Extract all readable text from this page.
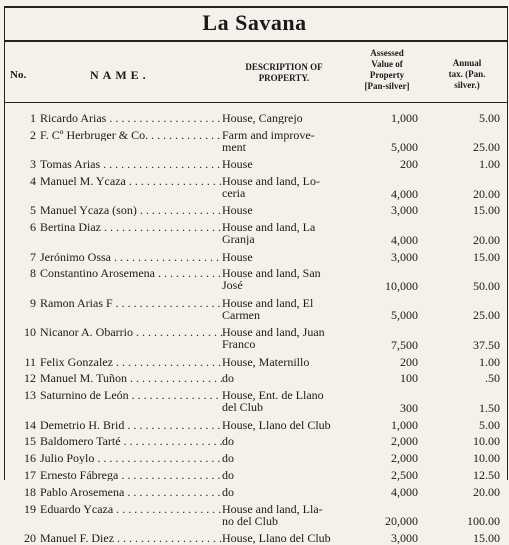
La Savana
No.	NAME.
DESCRIPTION OF
PROPERTY.
Assessed
Value of
Property
[Pan-silver]
Annual
tax. (Pan.
silver.)
1 Ricardo Arias . . .	House, Cangrejo	1,000	5.00
2 F. Cº Herbruger & Co. . . .	Farm and improve-
ment	5,000	25.00
3 Tomas Arias . . .	House	200	1.00
4 Manuel M. Ycaza . . .	House and land, Lo-
ceria	4,000	20.00
5 Manuel Ycaza (son) . . .	House	3,000	15.00
6 Bertina Diaz . . .	House and land, La
Granja	4,000	20.00
7 Jerónimo Ossa . . .	House	3,000	15.00
8 Constantino Arosemena . . .	House and land, San
José	10,000	50.00
9 Ramon Arias F . . .	House and land, El
Carmen	5,000	25.00
10 Nicanor A. Obarrio . . .	House and land, Juan
Franco	7,500	37.50
11 Felix Gonzalez . . .	House, Maternillo	200	1.00
12 Manuel M. Tuñon . . .	do	100	.50
13 Saturnino de León . . .	House, Ent. de Llano
del Club	300	1.50
14 Demetrio H. Brid . . .	House, Llano del Club	1,000	5.00
15 Baldomero Tarté . . .	do	2,000	10.00
16 Julio Poylo . . .	do	2,000	10.00
17 Ernesto Fábrega . . .	do	2,500	12.50
18 Pablo Arosemena . . .	do	4,000	20.00
19 Eduardo Ycaza . . .	House and land, Lla-
no del Club	20,000	100.00
20 Manuel F. Diez . . .	House, Llano del Club	3,000	15.00
